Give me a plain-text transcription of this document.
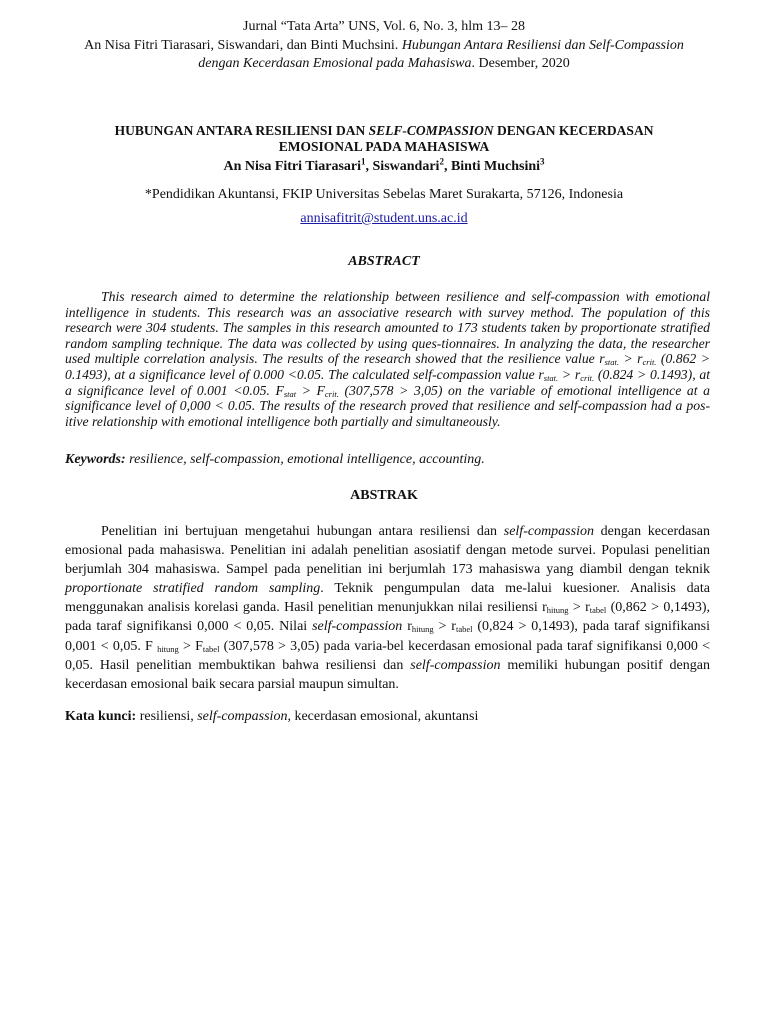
Jurnal “Tata Arta” UNS, Vol. 6, No. 3, hlm 13– 28
An Nisa Fitri Tiarasari, Siswandari, dan Binti Muchsini. Hubungan Antara Resiliensi dan Self-Compassion
dengan Kecerdasan Emosional pada Mahasiswa. Desember, 2020
HUBUNGAN ANTARA RESILIENSI DAN SELF-COMPASSION DENGAN KECERDASAN
EMOSIONAL PADA MAHASISWA
An Nisa Fitri Tiarasari$^1$, Siswandari$^2$, Binti Muchsini$^3$
*Pendidikan Akuntansi, FKIP Universitas Sebelas Maret Surakarta, 57126, Indonesia
annisafitrit@student.uns.ac.id
ABSTRACT

This research aimed to determine the relationship between resilience and self-compassion with emotional intelligence in students. This research was an associative research with survey method. The population of this research were 304 students. The samples in this research amounted to 173 students taken by proportionate stratified random sampling technique. The data was collected by using ques-tionnaires. In analyzing the data, the researcher used multiple correlation analysis. The results of the research showed that the resilience value $r_{stat.} > r_{crit.}$ (0.862 > 0.1493), at a significance level of 0.000 <0.05. The calculated self-compassion value $r_{stat.} > r_{crit.}$ (0.824 > 0.1493), at a significance level of 0.001 <0.05. $F_{stat} > F_{crit.}$ (307,578 > 3,05) on the variable of emotional intelligence at a significance level of 0,000 < 0.05. The results of the research proved that resilience and self-compassion had a pos-itive relationship with emotional intelligence both partially and simultaneously.

Keywords: resilience, self-compassion, emotional intelligence, accounting.
ABSTRAK

Penelitian ini bertujuan mengetahui hubungan antara resiliensi dan self-compassion dengan kecerdasan emosional pada mahasiswa. Penelitian ini adalah penelitian asosiatif dengan metode survei. Populasi penelitian berjumlah 304 mahasiswa. Sampel pada penelitian ini berjumlah 173 mahasiswa yang diambil dengan teknik proportionate stratified random sampling. Teknik pengumpulan data me-lalui kuesioner. Analisis data menggunakan analisis korelasi ganda. Hasil penelitian menunjukkan nilai resiliensi $r_{hitung} > r_{tabel}$ (0,862 > 0,1493), pada taraf signifikansi 0,000 < 0,05. Nilai self-compassion $r_{hitung} > r_{tabel}$ (0,824 > 0,1493), pada taraf signifikansi 0,001 < 0,05. F $_{hitung} > F_{tabel}$ (307,578 > 3,05) pada varia-bel kecerdasan emosional pada taraf signifikansi 0,000 < 0,05. Hasil penelitian membuktikan bahwa resiliensi dan self-compassion memiliki hubungan positif dengan kecerdasan emosional baik secara parsial maupun simultan.

Kata kunci: resiliensi, self-compassion, kecerdasan emosional, akuntansi
